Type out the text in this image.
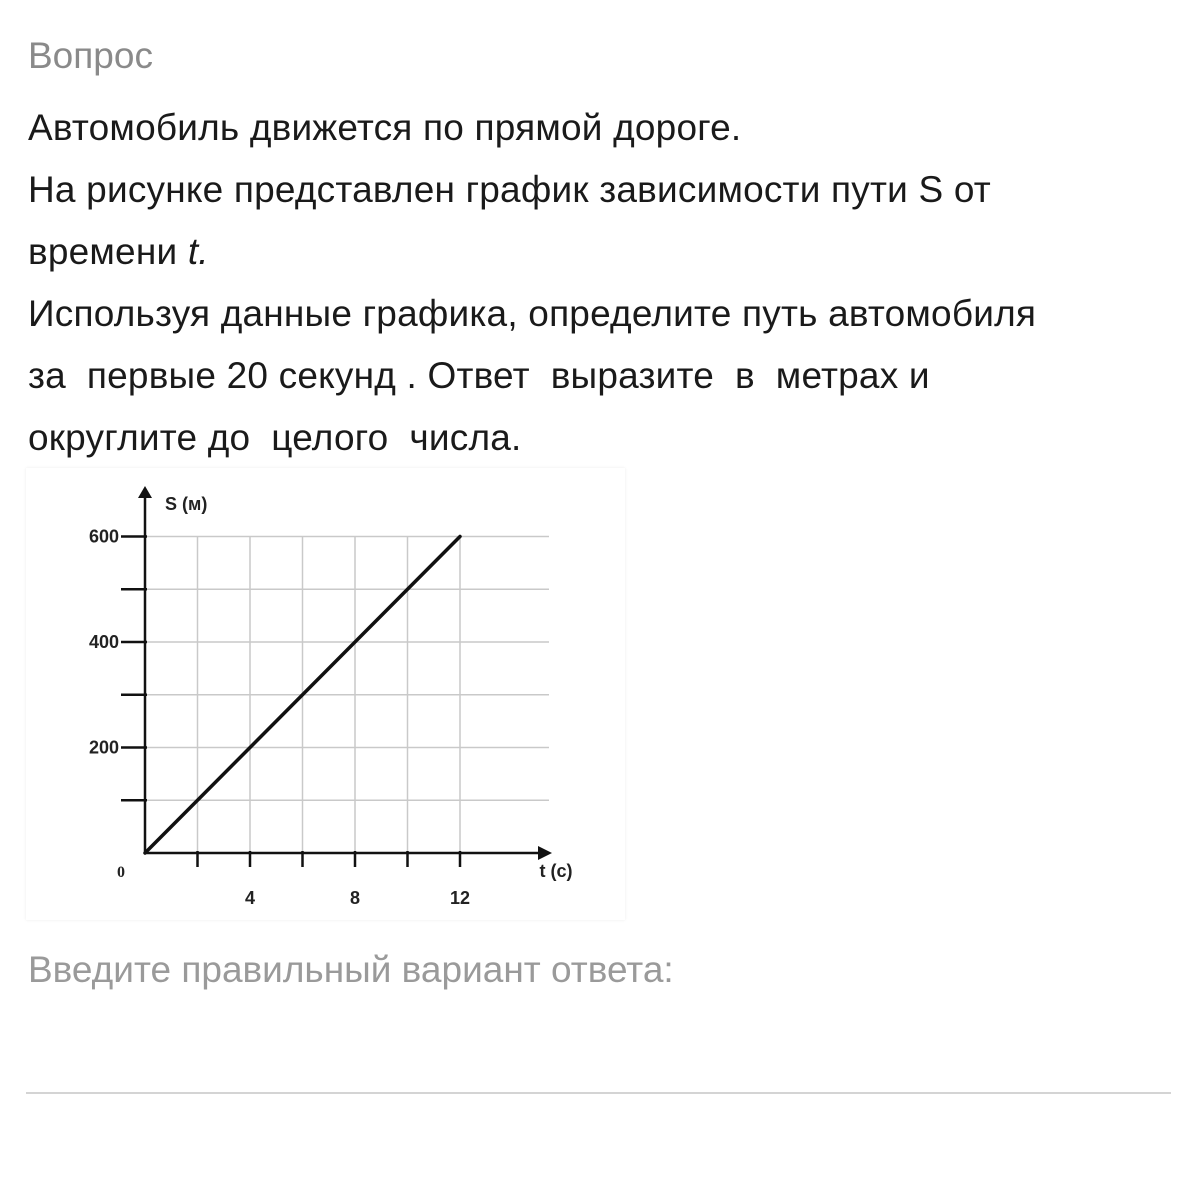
Вопрос
Автомобиль движется по прямой дороге.
На рисунке представлен график зависимости пути S от
времени t.
Используя данные графика, определите путь автомобиля
за  первые 20 секунд . Ответ  выразите  в  метрах и
округлите до  целого  числа.
4	8	12
200
400
600
0	t (c)
S (м)
Введите правильный вариант ответа:
